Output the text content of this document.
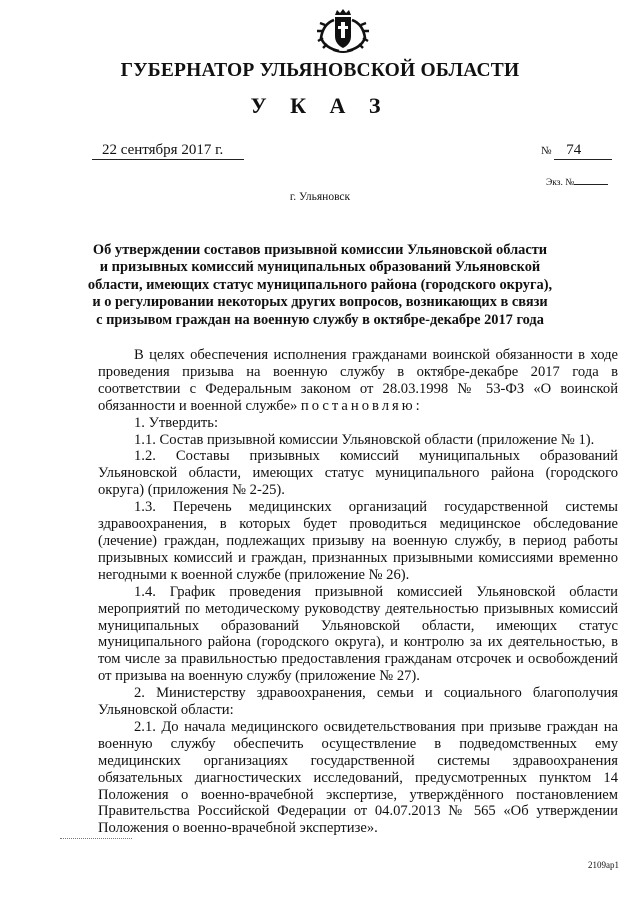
ГУБЕРНАТОР УЛЬЯНОВСКОЙ ОБЛАСТИ
У К А З
22 сентября 2017 г.	№ 74
Экз. №
г. Ульяновск
Об утверждении составов призывной комиссии Ульяновской области
и призывных комиссий муниципальных образований Ульяновской
области, имеющих статус муниципального района (городского округа),
и о регулировании некоторых других вопросов, возникающих в связи
с призывом граждан на военную службу в октябре-декабре 2017 года

В целях обеспечения исполнения гражданами воинской обязанности в ходе проведения призыва на военную службу в октябре-декабре 2017 года в соответствии с Федеральным законом от 28.03.1998 № 53-ФЗ «О воинской обязанности и военной службе» постановляю:

1. Утвердить:

1.1. Состав призывной комиссии Ульяновской области (приложение № 1).

1.2. Составы призывных комиссий муниципальных образований Ульяновской области, имеющих статус муниципального района (городского округа) (приложения № 2-25).

1.3. Перечень медицинских организаций государственной системы здравоохранения, в которых будет проводиться медицинское обследование (лечение) граждан, подлежащих призыву на военную службу, в период работы призывных комиссий и граждан, признанных призывными комиссиями временно негодными к военной службе (приложение № 26).

1.4. График проведения призывной комиссией Ульяновской области мероприятий по методическому руководству деятельностью призывных комиссий муниципальных образований Ульяновской области, имеющих статус муниципального района (городского округа), и контролю за их деятельностью, в том числе за правильностью предоставления гражданам отсрочек и освобождений от призыва на военную службу (приложение № 27).

2. Министерству здравоохранения, семьи и социального благополучия Ульяновской области:

2.1. До начала медицинского освидетельствования при призыве граждан на военную службу обеспечить осуществление в подведомственных ему медицинских организациях государственной системы здравоохранения обязательных диагностических исследований, предусмотренных пунктом 14 Положения о военно-врачебной экспертизе, утверждённого постановлением Правительства Российской Федерации от 04.07.2013 № 565 «Об утверждении Положения о военно-врачебной экспертизе».

2109ap1
